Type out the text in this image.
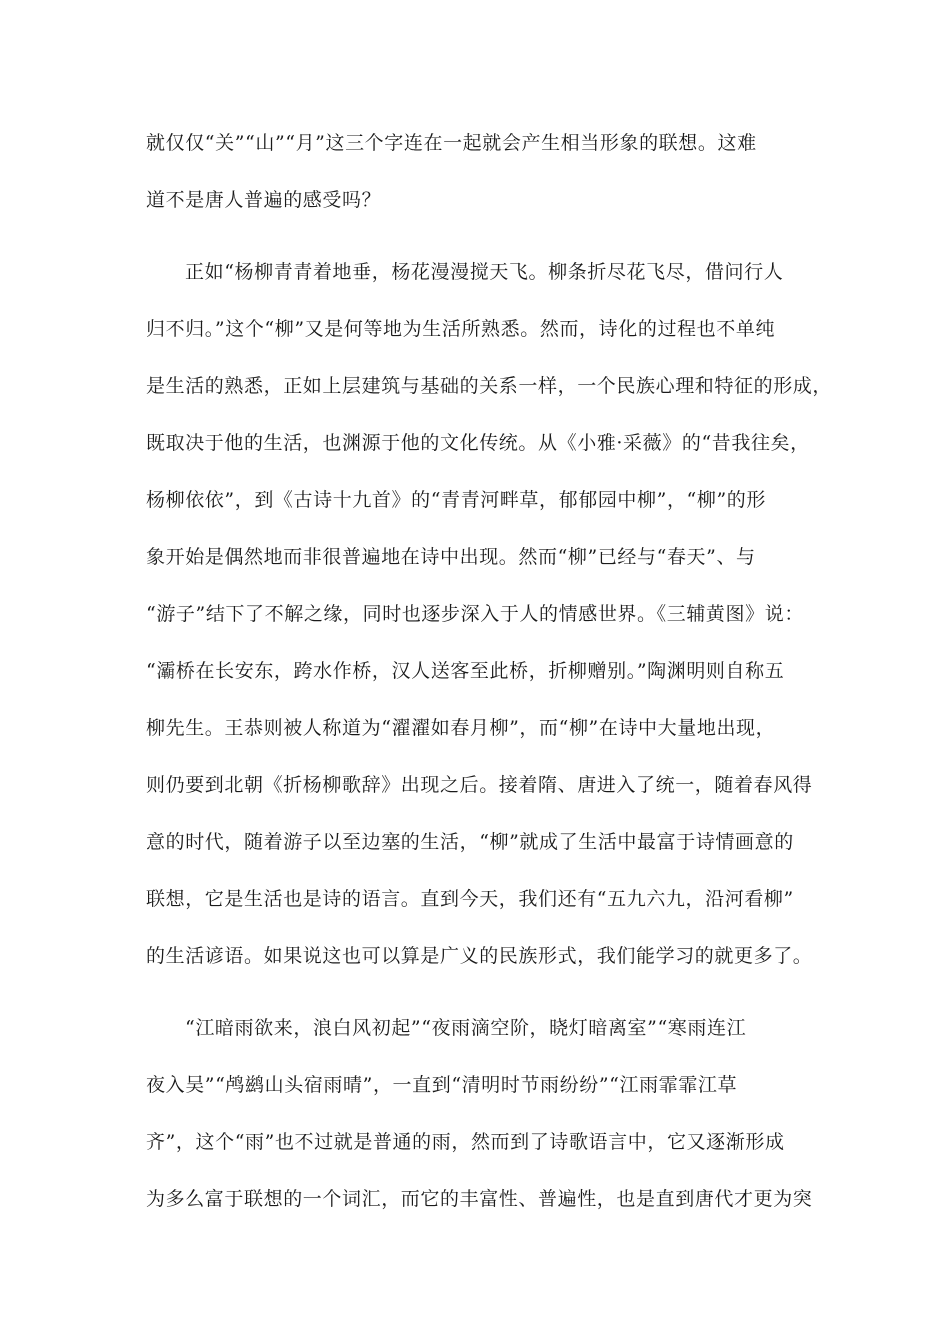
就仅仅“关”“山”“月”这三个字连在一起就会产生相当形象的联想。这难
道不是唐人普遍的感受吗？
正如“杨柳青青着地垂，杨花漫漫搅天飞。柳条折尽花飞尽，借问行人
归不归。”这个“柳”又是何等地为生活所熟悉。然而，诗化的过程也不单纯
是生活的熟悉，正如上层建筑与基础的关系一样，一个民族心理和特征的形成，
既取决于他的生活，也渊源于他的文化传统。从《小雅·采薇》的“昔我往矣，
杨柳依依”，到《古诗十九首》的“青青河畔草，郁郁园中柳”，“柳”的形
象开始是偶然地而非很普遍地在诗中出现。然而“柳”已经与“春天”、与
“游子”结下了不解之缘，同时也逐步深入于人的情感世界。《三辅黄图》说：
“灞桥在长安东，跨水作桥，汉人送客至此桥，折柳赠别。”陶渊明则自称五
柳先生。王恭则被人称道为“濯濯如春月柳”，而“柳”在诗中大量地出现，
则仍要到北朝《折杨柳歌辞》出现之后。接着隋、唐进入了统一，随着春风得
意的时代，随着游子以至边塞的生活，“柳”就成了生活中最富于诗情画意的
联想，它是生活也是诗的语言。直到今天，我们还有“五九六九，沿河看柳”
的生活谚语。如果说这也可以算是广义的民族形式，我们能学习的就更多了。
“江暗雨欲来，浪白风初起”“夜雨滴空阶，晓灯暗离室”“寒雨连江
夜入吴”“鸬鹚山头宿雨晴”，一直到“清明时节雨纷纷”“江雨霏霏江草
齐”，这个“雨”也不过就是普通的雨，然而到了诗歌语言中，它又逐渐形成
为多么富于联想的一个词汇，而它的丰富性、普遍性，也是直到唐代才更为突
